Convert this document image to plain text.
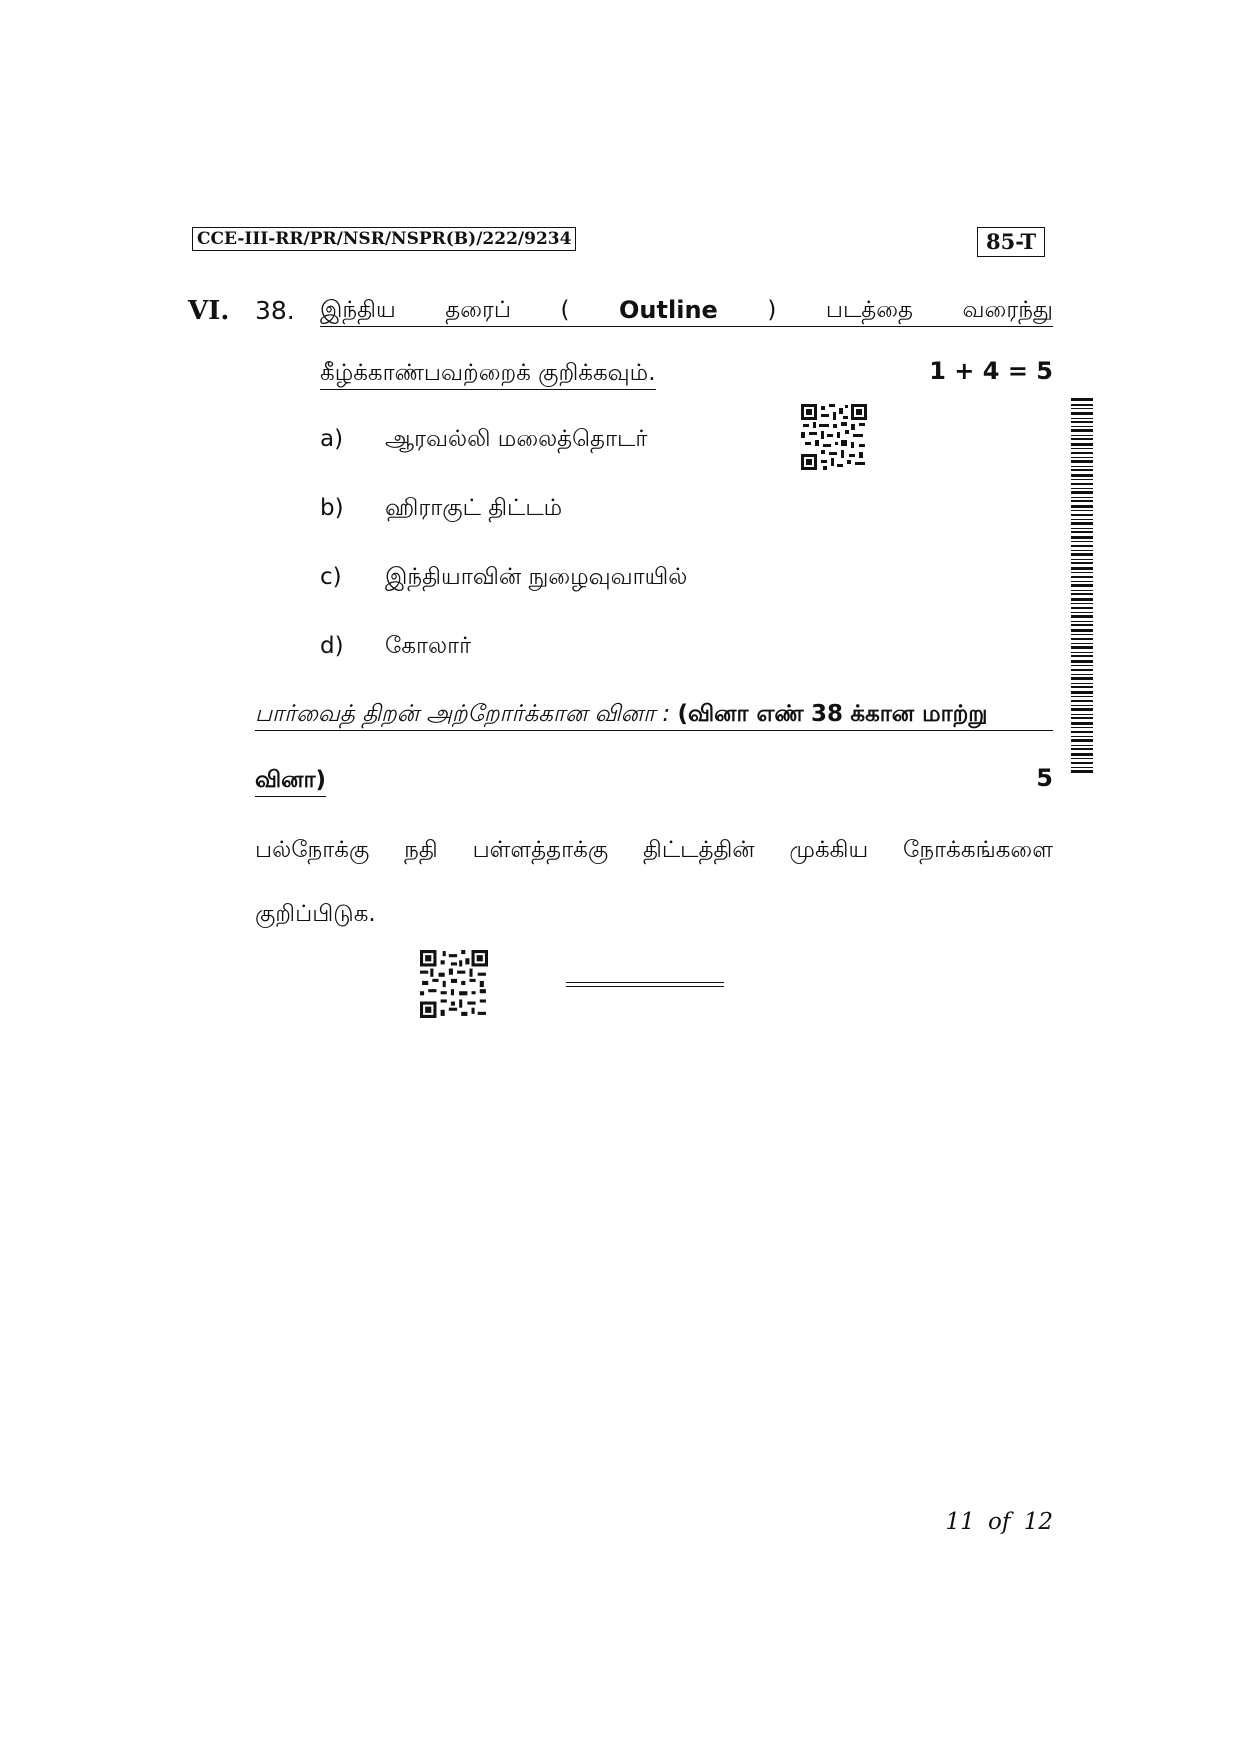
CCE-III-RR/PR/NSR/NSPR(B)/222/9234	85-T
VI. 38. இந்திய தரைப் ( Outline ) படத்தை வரைந்து
கீழ்க்காண்பவற்றைக் குறிக்கவும்.	1 + 4 = 5
a) ஆரவல்லி மலைத்தொடர்
b) ஹிராகுட் திட்டம்
c) இந்தியாவின் நுழைவுவாயில்
d) கோலார்
பார்வைத் திறன் அற்றோர்க்கான வினா : (வினா எண் 38 க்கான மாற்று
வினா)	5
பல்நோக்கு நதி பள்ளத்தாக்கு திட்டத்தின் முக்கிய நோக்கங்களை
குறிப்பிடுக.
11 of 12
